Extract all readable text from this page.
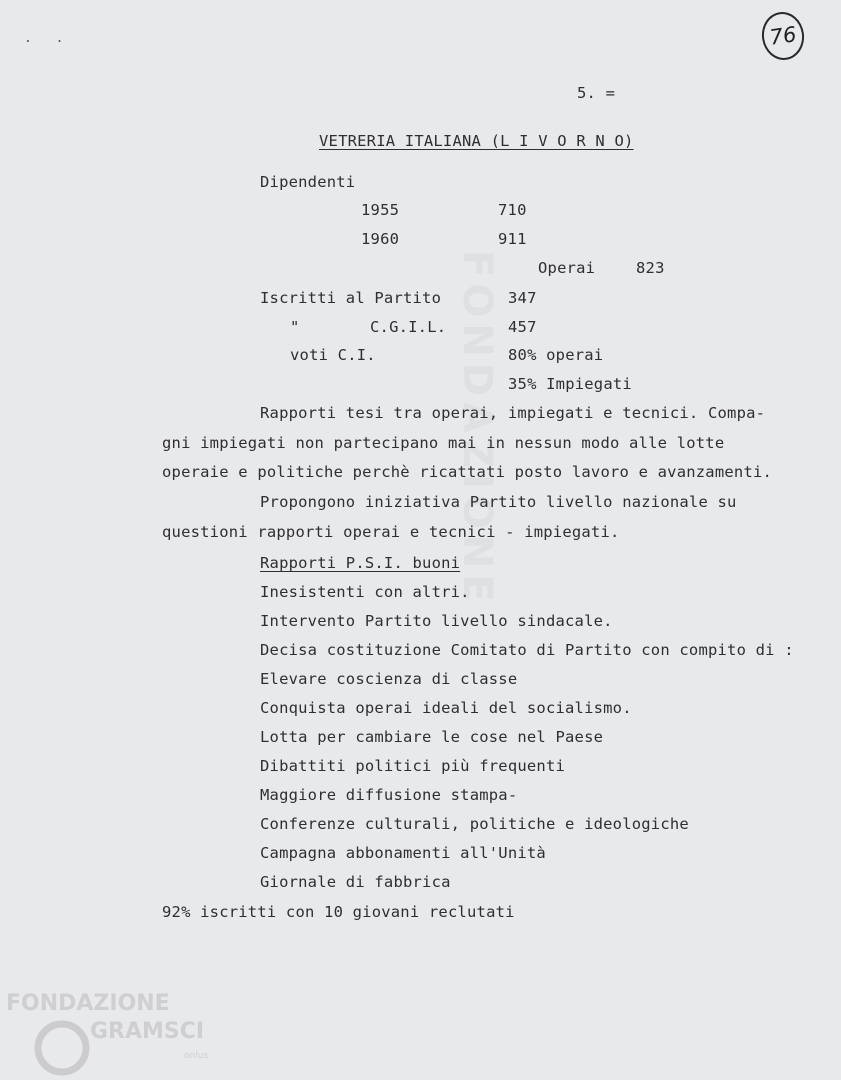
. .	76
FONDAZIONE
5. =
VETRERIA ITALIANA (L I V O R N O)
Dipendenti
1955	710
1960	911
Operai	823
Iscritti al Partito	347
"	C.G.I.L.	457
voti C.I.	80% operai
35% Impiegati
Rapporti tesi tra operai, impiegati e tecnici. Compa-
gni impiegati non partecipano mai in nessun modo alle lotte
operaie e politiche perchè ricattati posto lavoro e avanzamenti.
Propongono iniziativa Partito livello nazionale su
questioni rapporti operai e tecnici - impiegati.
Rapporti P.S.I. buoni
Inesistenti con altri.
Intervento Partito livello sindacale.
Decisa costituzione Comitato di Partito con compito di :
Elevare coscienza di classe
Conquista operai ideali del socialismo.
Lotta per cambiare le cose nel Paese
Dibattiti politici più frequenti
Maggiore diffusione stampa-
Conferenze culturali, politiche e ideologiche
Campagna abbonamenti all'Unità
Giornale di fabbrica
92% iscritti con 10 giovani reclutati
FONDAZIONE
GRAMSCI
onlus
